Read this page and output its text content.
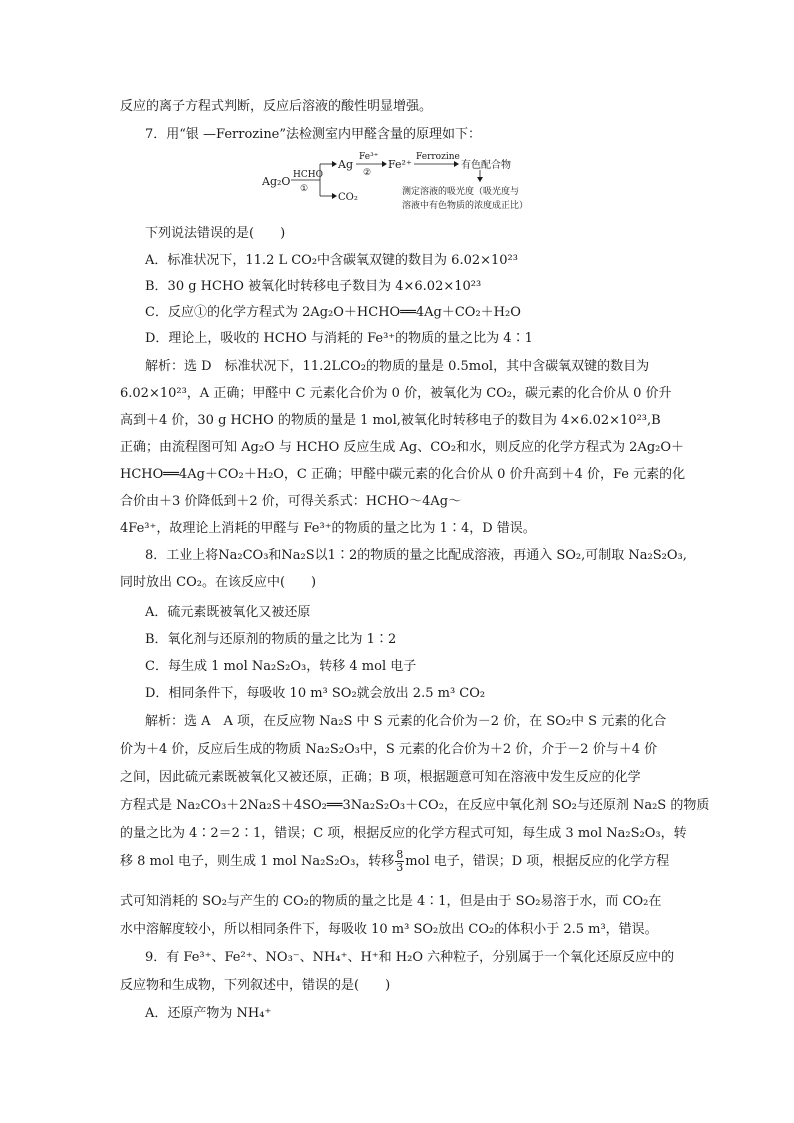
反应的离子方程式判断，反应后溶液的酸性明显增强。
7．用“银 —Ferrozine”法检测室内甲醛含量的原理如下：
Ag₂O HCHO
①
Ag
Fe³⁺
②
Fe²⁺
Ferrozine
有色配合物
CO₂	测定溶液的吸光度（吸光度与
溶液中有色物质的浓度成正比）
下列说法错误的是(　　)
A．标准状况下，11.2 L CO₂中含碳氧双键的数目为 6.02×10²³
B．30 g HCHO 被氧化时转移电子数目为 4×6.02×10²³
C．反应①的化学方程式为 2Ag₂O＋HCHO══4Ag＋CO₂＋H₂O
D．理论上，吸收的 HCHO 与消耗的 Fe³⁺的物质的量之比为 4∶1
解析：选 D　标准状况下，11.2LCO₂的物质的量是 0.5mol，其中含碳氧双键的数目为
6.02×10²³，A 正确；甲醛中 C 元素化合价为 0 价，被氧化为 CO₂，碳元素的化合价从 0 价升
高到＋4 价，30 g HCHO 的物质的量是 1 mol,被氧化时转移电子的数目为 4×6.02×10²³,B
正确；由流程图可知 Ag₂O 与 HCHO 反应生成 Ag、CO₂和水，则反应的化学方程式为 2Ag₂O＋
HCHO══4Ag＋CO₂＋H₂O，C 正确；甲醛中碳元素的化合价从 0 价升高到＋4 价，Fe 元素的化
合价由＋3 价降低到＋2 价，可得关系式：HCHO～4Ag～
4Fe³⁺，故理论上消耗的甲醛与 Fe³⁺的物质的量之比为 1∶4，D 错误。
8．工业上将Na₂CO₃和Na₂S以1∶2的物质的量之比配成溶液，再通入 SO₂,可制取 Na₂S₂O₃,
同时放出 CO₂。在该反应中(　　)
A．硫元素既被氧化又被还原
B．氧化剂与还原剂的物质的量之比为 1∶2
C．每生成 1 mol Na₂S₂O₃，转移 4 mol 电子
D．相同条件下，每吸收 10 m³ SO₂就会放出 2.5 m³ CO₂
解析：选 A　A 项，在反应物 Na₂S 中 S 元素的化合价为－2 价，在 SO₂中 S 元素的化合
价为＋4 价，反应后生成的物质 Na₂S₂O₃中，S 元素的化合价为＋2 价，介于－2 价与＋4 价
之间，因此硫元素既被氧化又被还原，正确；B 项，根据题意可知在溶液中发生反应的化学
方程式是 Na₂CO₃＋2Na₂S＋4SO₂══3Na₂S₂O₃＋CO₂，在反应中氧化剂 SO₂与还原剂 Na₂S 的物质
的量之比为 4∶2＝2∶1，错误；C 项，根据反应的化学方程式可知，每生成 3 mol Na₂S₂O₃，转
移 8 mol 电子，则生成 1 mol Na₂S₂O₃，转移 $\frac{8}{3}$ mol 电子，错误；D 项，根据反应的化学方程
式可知消耗的 SO₂与产生的 CO₂的物质的量之比是 4∶1，但是由于 SO₂易溶于水，而 CO₂在
水中溶解度较小，所以相同条件下，每吸收 10 m³ SO₂放出 CO₂的体积小于 2.5 m³，错误。
9．有 Fe³⁺、Fe²⁺、NO₃⁻、NH₄⁺、H⁺和 H₂O 六种粒子，分别属于一个氧化还原反应中的
反应物和生成物，下列叙述中，错误的是(　　)
A．还原产物为 NH₄⁺
